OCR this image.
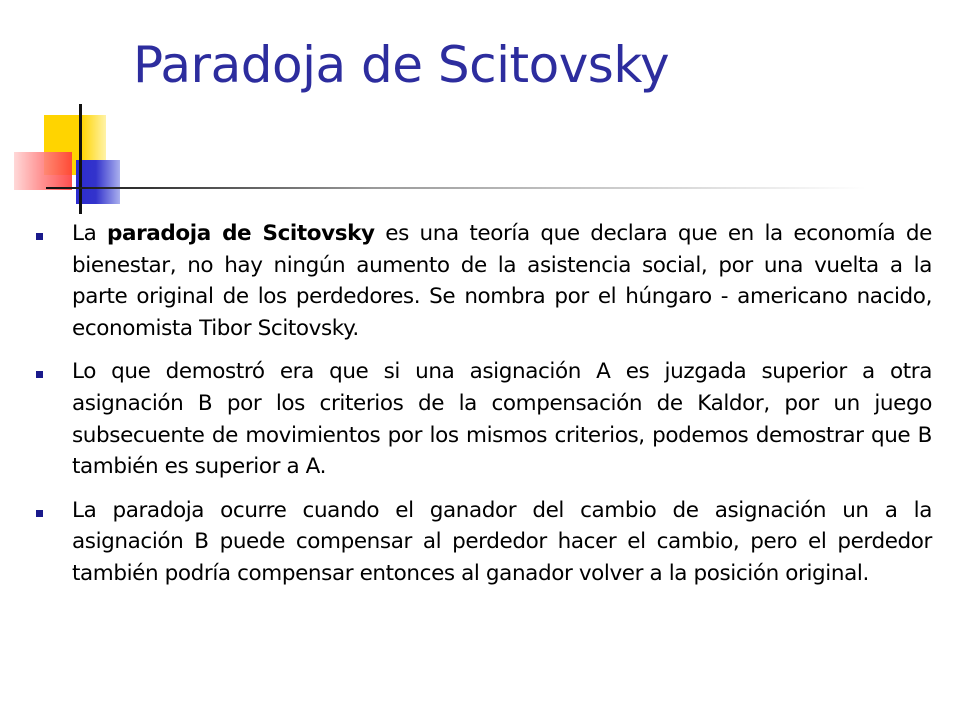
Paradoja de Scitovsky
La paradoja de Scitovsky es una teoría que declara que en la economía de bienestar, no hay ningún aumento de la asistencia social, por una vuelta a la parte original de los perdedores. Se nombra por el húngaro - americano nacido, economista Tibor Scitovsky.
Lo que demostró era que si una asignación A es juzgada superior a otra asignación B por los criterios de la compensación de Kaldor, por un juego subsecuente de movimientos por los mismos criterios, podemos demostrar que B también es superior a A.
La paradoja ocurre cuando el ganador del cambio de asignación un a la asignación B puede compensar al perdedor hacer el cambio, pero el perdedor también podría compensar entonces al ganador volver a la posición original.
